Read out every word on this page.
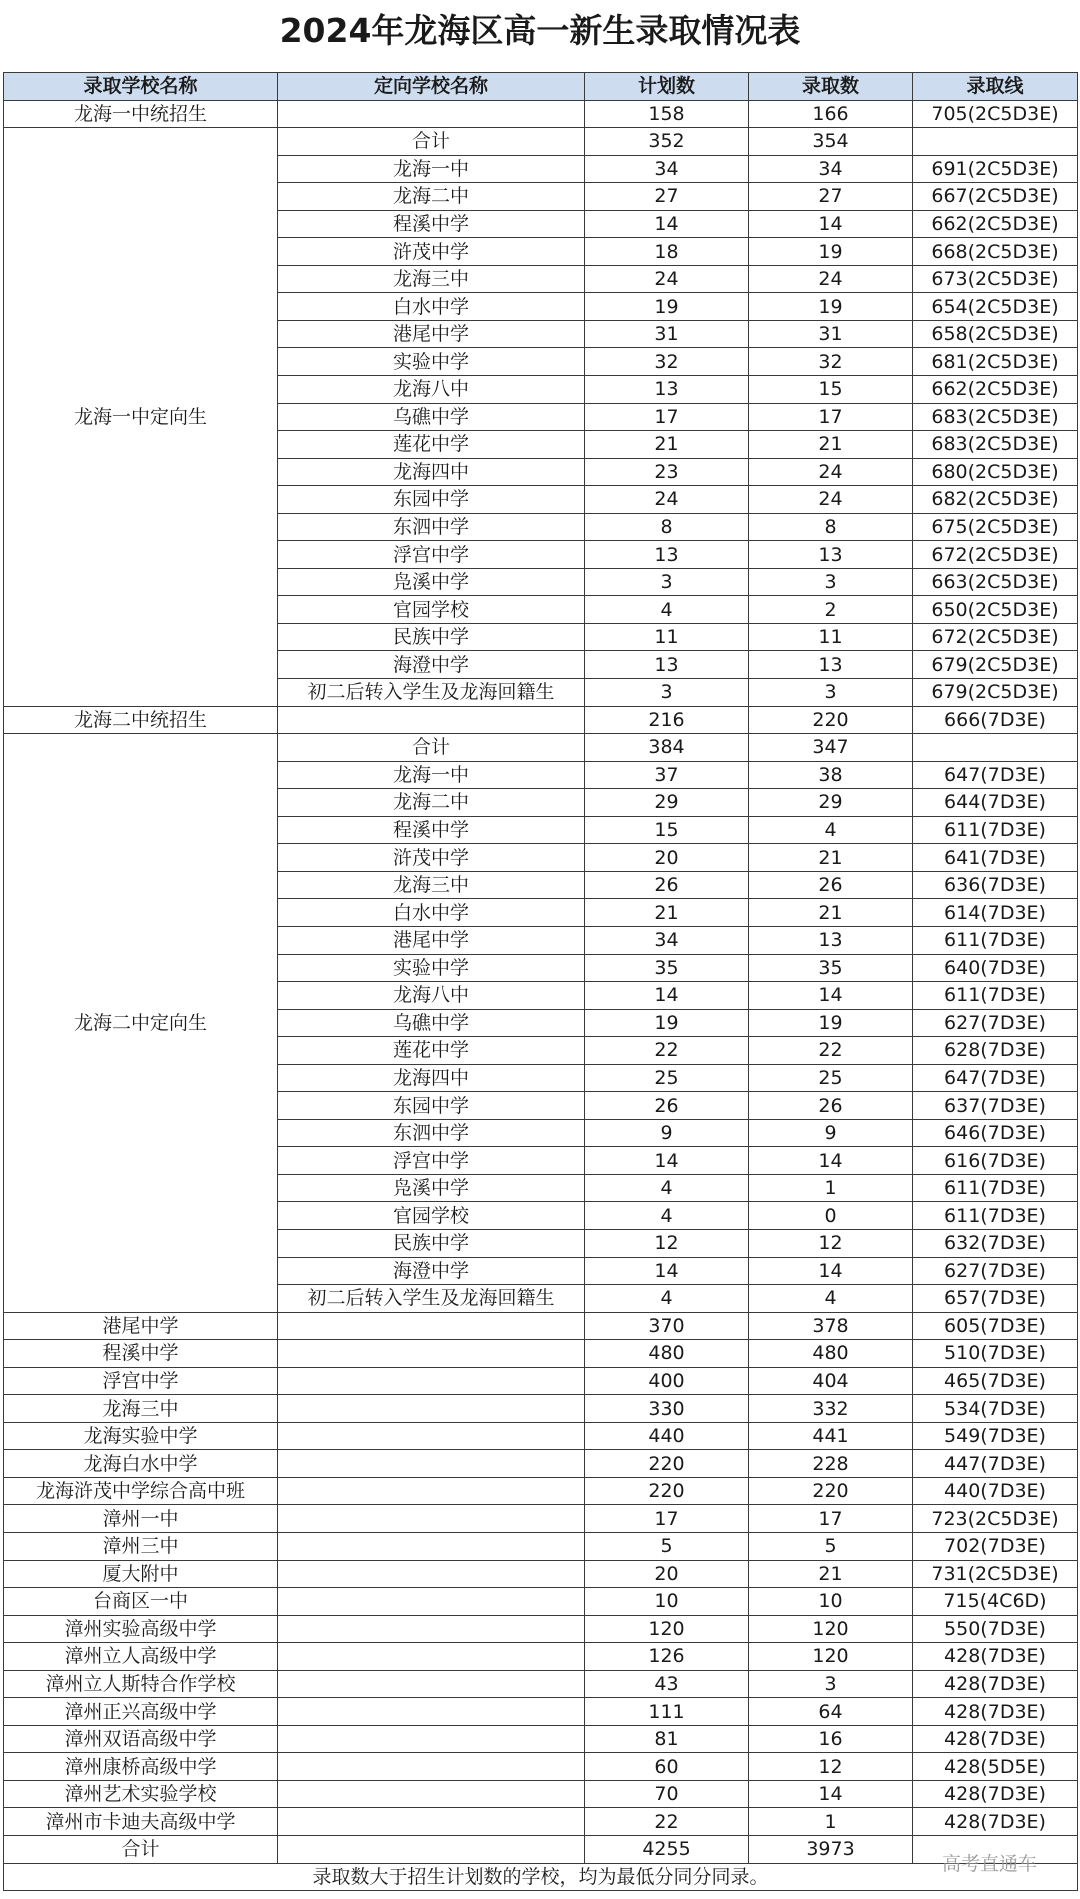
2024年龙海区高一新生录取情况表
录取学校名称	定向学校名称	计划数	录取数	录取线
龙海一中统招生		158	166	705(2C5D3E)
龙海一中定向生	合计	352	354	
	龙海一中	34	34	691(2C5D3E)
	龙海二中	27	27	667(2C5D3E)
	程溪中学	14	14	662(2C5D3E)
	浒茂中学	18	19	668(2C5D3E)
	龙海三中	24	24	673(2C5D3E)
	白水中学	19	19	654(2C5D3E)
	港尾中学	31	31	658(2C5D3E)
	实验中学	32	32	681(2C5D3E)
	龙海八中	13	15	662(2C5D3E)
	乌礁中学	17	17	683(2C5D3E)
	莲花中学	21	21	683(2C5D3E)
	龙海四中	23	24	680(2C5D3E)
	东园中学	24	24	682(2C5D3E)
	东泗中学	8	8	675(2C5D3E)
	浮宫中学	13	13	672(2C5D3E)
	凫溪中学	3	3	663(2C5D3E)
	官园学校	4	2	650(2C5D3E)
	民族中学	11	11	672(2C5D3E)
	海澄中学	13	13	679(2C5D3E)
	初二后转入学生及龙海回籍生	3	3	679(2C5D3E)
龙海二中统招生		216	220	666(7D3E)
龙海二中定向生	合计	384	347	
	龙海一中	37	38	647(7D3E)
	龙海二中	29	29	644(7D3E)
	程溪中学	15	4	611(7D3E)
	浒茂中学	20	21	641(7D3E)
	龙海三中	26	26	636(7D3E)
	白水中学	21	21	614(7D3E)
	港尾中学	34	13	611(7D3E)
	实验中学	35	35	640(7D3E)
	龙海八中	14	14	611(7D3E)
	乌礁中学	19	19	627(7D3E)
	莲花中学	22	22	628(7D3E)
	龙海四中	25	25	647(7D3E)
	东园中学	26	26	637(7D3E)
	东泗中学	9	9	646(7D3E)
	浮宫中学	14	14	616(7D3E)
	凫溪中学	4	1	611(7D3E)
	官园学校	4	0	611(7D3E)
	民族中学	12	12	632(7D3E)
	海澄中学	14	14	627(7D3E)
	初二后转入学生及龙海回籍生	4	4	657(7D3E)
港尾中学		370	378	605(7D3E)
程溪中学		480	480	510(7D3E)
浮宫中学		400	404	465(7D3E)
龙海三中		330	332	534(7D3E)
龙海实验中学		440	441	549(7D3E)
龙海白水中学		220	228	447(7D3E)
龙海浒茂中学综合高中班		220	220	440(7D3E)
漳州一中		17	17	723(2C5D3E)
漳州三中		5	5	702(7D3E)
厦大附中		20	21	731(2C5D3E)
台商区一中		10	10	715(4C6D)
漳州实验高级中学		120	120	550(7D3E)
漳州立人高级中学		126	120	428(7D3E)
漳州立人斯特合作学校		43	3	428(7D3E)
漳州正兴高级中学		111	64	428(7D3E)
漳州双语高级中学		81	16	428(7D3E)
漳州康桥高级中学		60	12	428(5D5E)
漳州艺术实验学校		70	14	428(7D3E)
漳州市卡迪夫高级中学		22	1	428(7D3E)
合计		4255	3973	
录取数大于招生计划数的学校，均为最低分同分同录。				
高考直通车
